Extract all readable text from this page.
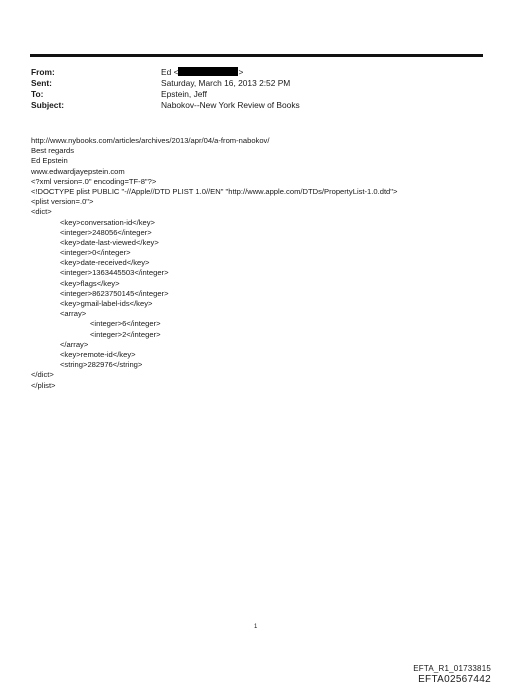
From:	Ed <	>
Sent:	Saturday, March 16, 2013 2:52 PM
To:	Epstein, Jeff
Subject:	Nabokov--New York Review of Books
http://www.nybooks.com/articles/archives/2013/apr/04/a-from-nabokov/
Best regards
Ed Epstein
www.edwardjayepstein.com
<?xml version=.0" encoding=TF-8"?>
<!DOCTYPE plist PUBLIC "-//Apple//DTD PLIST 1.0//EN" "http://www.apple.com/DTDs/PropertyList-1.0.dtd">
<plist version=.0">
<dict>
<key>conversation-id</key>
<integer>248056</integer>
<key>date-last-viewed</key>
<integer>0</integer>
<key>date-received</key>
<integer>1363445503</integer>
<key>flags</key>
<integer>8623750145</integer>
<key>gmail-label-ids</key>
<array>
<integer>6</integer>
<integer>2</integer>
</array>
<key>remote-id</key>
<string>282976</string>
</dict>
</plist>
1
EFTA_R1_01733815
EFTA02567442
